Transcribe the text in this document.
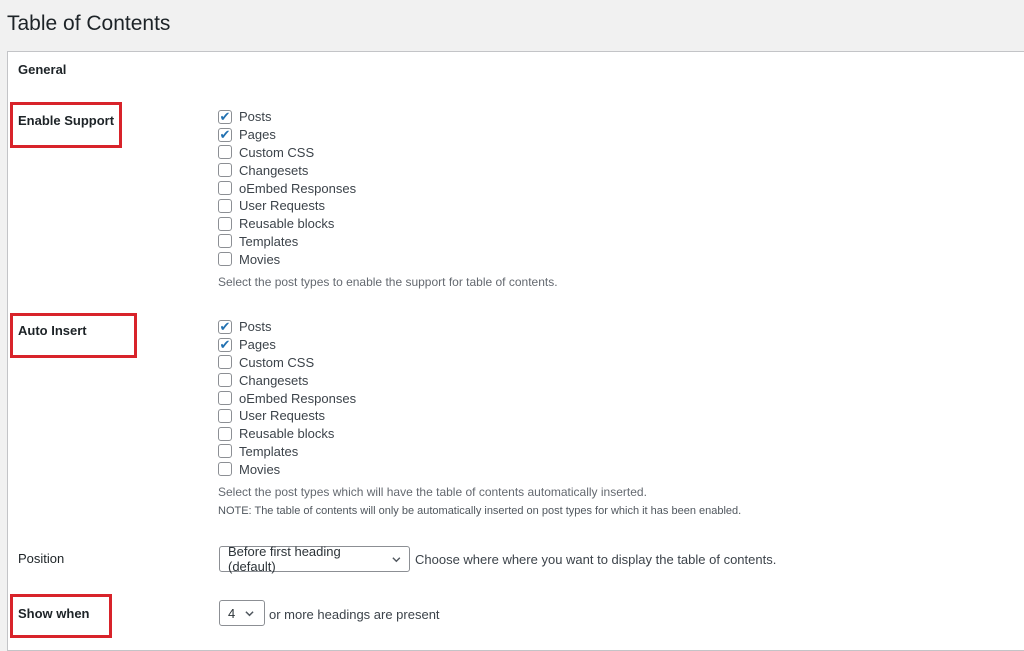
Table of Contents
General
Enable Support	✔ Posts
✔ Pages
Custom CSS
Changesets
oEmbed Responses
User Requests
Reusable blocks
Templates
Movies
Select the post types to enable the support for table of contents.
Auto Insert	✔ Posts
✔ Pages
Custom CSS
Changesets
oEmbed Responses
User Requests
Reusable blocks
Templates
Movies
Select the post types which will have the table of contents automatically inserted.
NOTE: The table of contents will only be automatically inserted on post types for which it has been enabled.
Position	Before first heading (default)	Choose where where you want to display the table of contents.
Show when	4	or more headings are present
